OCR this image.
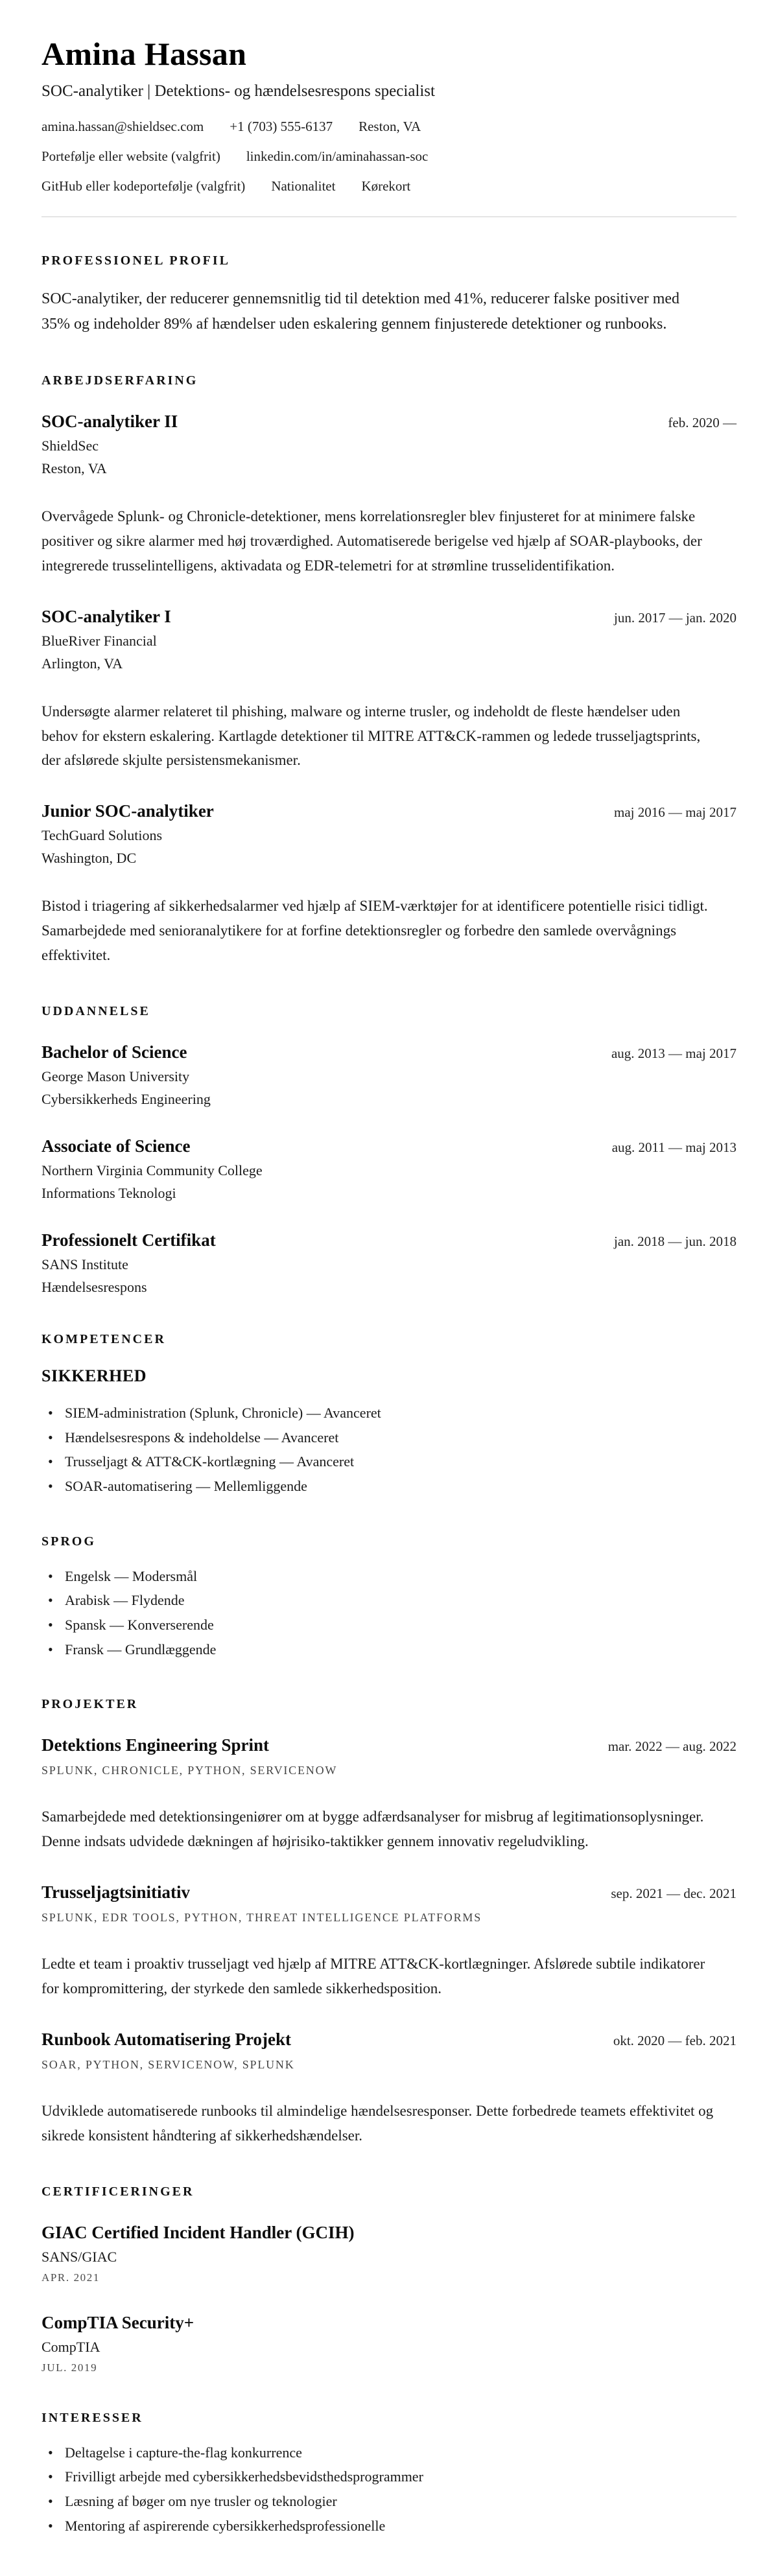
Amina Hassan
SOC-analytiker | Detektions- og hændelsesrespons specialist
amina.hassan@shieldsec.com +1 (703) 555-6137 Reston, VA
Portefølje eller website (valgfrit) linkedin.com/in/aminahassan-soc
GitHub eller kodeportefølje (valgfrit) Nationalitet Kørekort
PROFESSIONEL PROFIL

SOC-analytiker, der reducerer gennemsnitlig tid til detektion med 41%, reducerer falske positiver med 35% og indeholder 89% af hændelser uden eskalering gennem finjusterede detektioner og runbooks.

ARBEJDSERFARING
SOC-analytiker II	feb. 2020 —
ShieldSec
Reston, VA

Overvågede Splunk- og Chronicle-detektioner, mens korrelationsregler blev finjusteret for at minimere falske positiver og sikre alarmer med høj troværdighed. Automatiserede berigelse ved hjælp af SOAR-playbooks, der integrerede trusselintelligens, aktivadata og EDR-telemetri for at strømline trusselidentifikation.

SOC-analytiker I	jun. 2017 — jan. 2020
BlueRiver Financial
Arlington, VA

Undersøgte alarmer relateret til phishing, malware og interne trusler, og indeholdt de fleste hændelser uden behov for ekstern eskalering. Kartlagde detektioner til MITRE ATT&CK-rammen og ledede trusseljagtsprints, der afslørede skjulte persistensmekanismer.

Junior SOC-analytiker	maj 2016 — maj 2017
TechGuard Solutions
Washington, DC

Bistod i triagering af sikkerhedsalarmer ved hjælp af SIEM-værktøjer for at identificere potentielle risici tidligt. Samarbejdede med senioranalytikere for at forfine detektionsregler og forbedre den samlede overvågnings effektivitet.

UDDANNELSE
Bachelor of Science	aug. 2013 — maj 2017
George Mason University
Cybersikkerheds Engineering
Associate of Science	aug. 2011 — maj 2013
Northern Virginia Community College
Informations Teknologi
Professionelt Certifikat	jan. 2018 — jun. 2018
SANS Institute
Hændelsesrespons
KOMPETENCER
SIKKERHED
• SIEM-administration (Splunk, Chronicle) — Avanceret
• Hændelsesrespons & indeholdelse — Avanceret
• Trusseljagt & ATT&CK-kortlægning — Avanceret
• SOAR-automatisering — Mellemliggende
SPROG
• Engelsk — Modersmål
• Arabisk — Flydende
• Spansk — Konverserende
• Fransk — Grundlæggende
PROJEKTER
Detektions Engineering Sprint	mar. 2022 — aug. 2022
SPLUNK, CHRONICLE, PYTHON, SERVICENOW

Samarbejdede med detektionsingeniører om at bygge adfærdsanalyser for misbrug af legitimationsoplysninger. Denne indsats udvidede dækningen af højrisiko-taktikker gennem innovativ regeludvikling.

Trusseljagtsinitiativ	sep. 2021 — dec. 2021
SPLUNK, EDR TOOLS, PYTHON, THREAT INTELLIGENCE PLATFORMS

Ledte et team i proaktiv trusseljagt ved hjælp af MITRE ATT&CK-kortlægninger. Afslørede subtile indikatorer for kompromittering, der styrkede den samlede sikkerhedsposition.

Runbook Automatisering Projekt	okt. 2020 — feb. 2021
SOAR, PYTHON, SERVICENOW, SPLUNK

Udviklede automatiserede runbooks til almindelige hændelsesresponser. Dette forbedrede teamets effektivitet og sikrede konsistent håndtering af sikkerhedshændelser.

CERTIFICERINGER
GIAC Certified Incident Handler (GCIH)
SANS/GIAC
APR. 2021
CompTIA Security+
CompTIA
JUL. 2019
INTERESSER
• Deltagelse i capture-the-flag konkurrence
• Frivilligt arbejde med cybersikkerhedsbevidsthedsprogrammer
• Læsning af bøger om nye trusler og teknologier
• Mentoring af aspirerende cybersikkerhedsprofessionelle
